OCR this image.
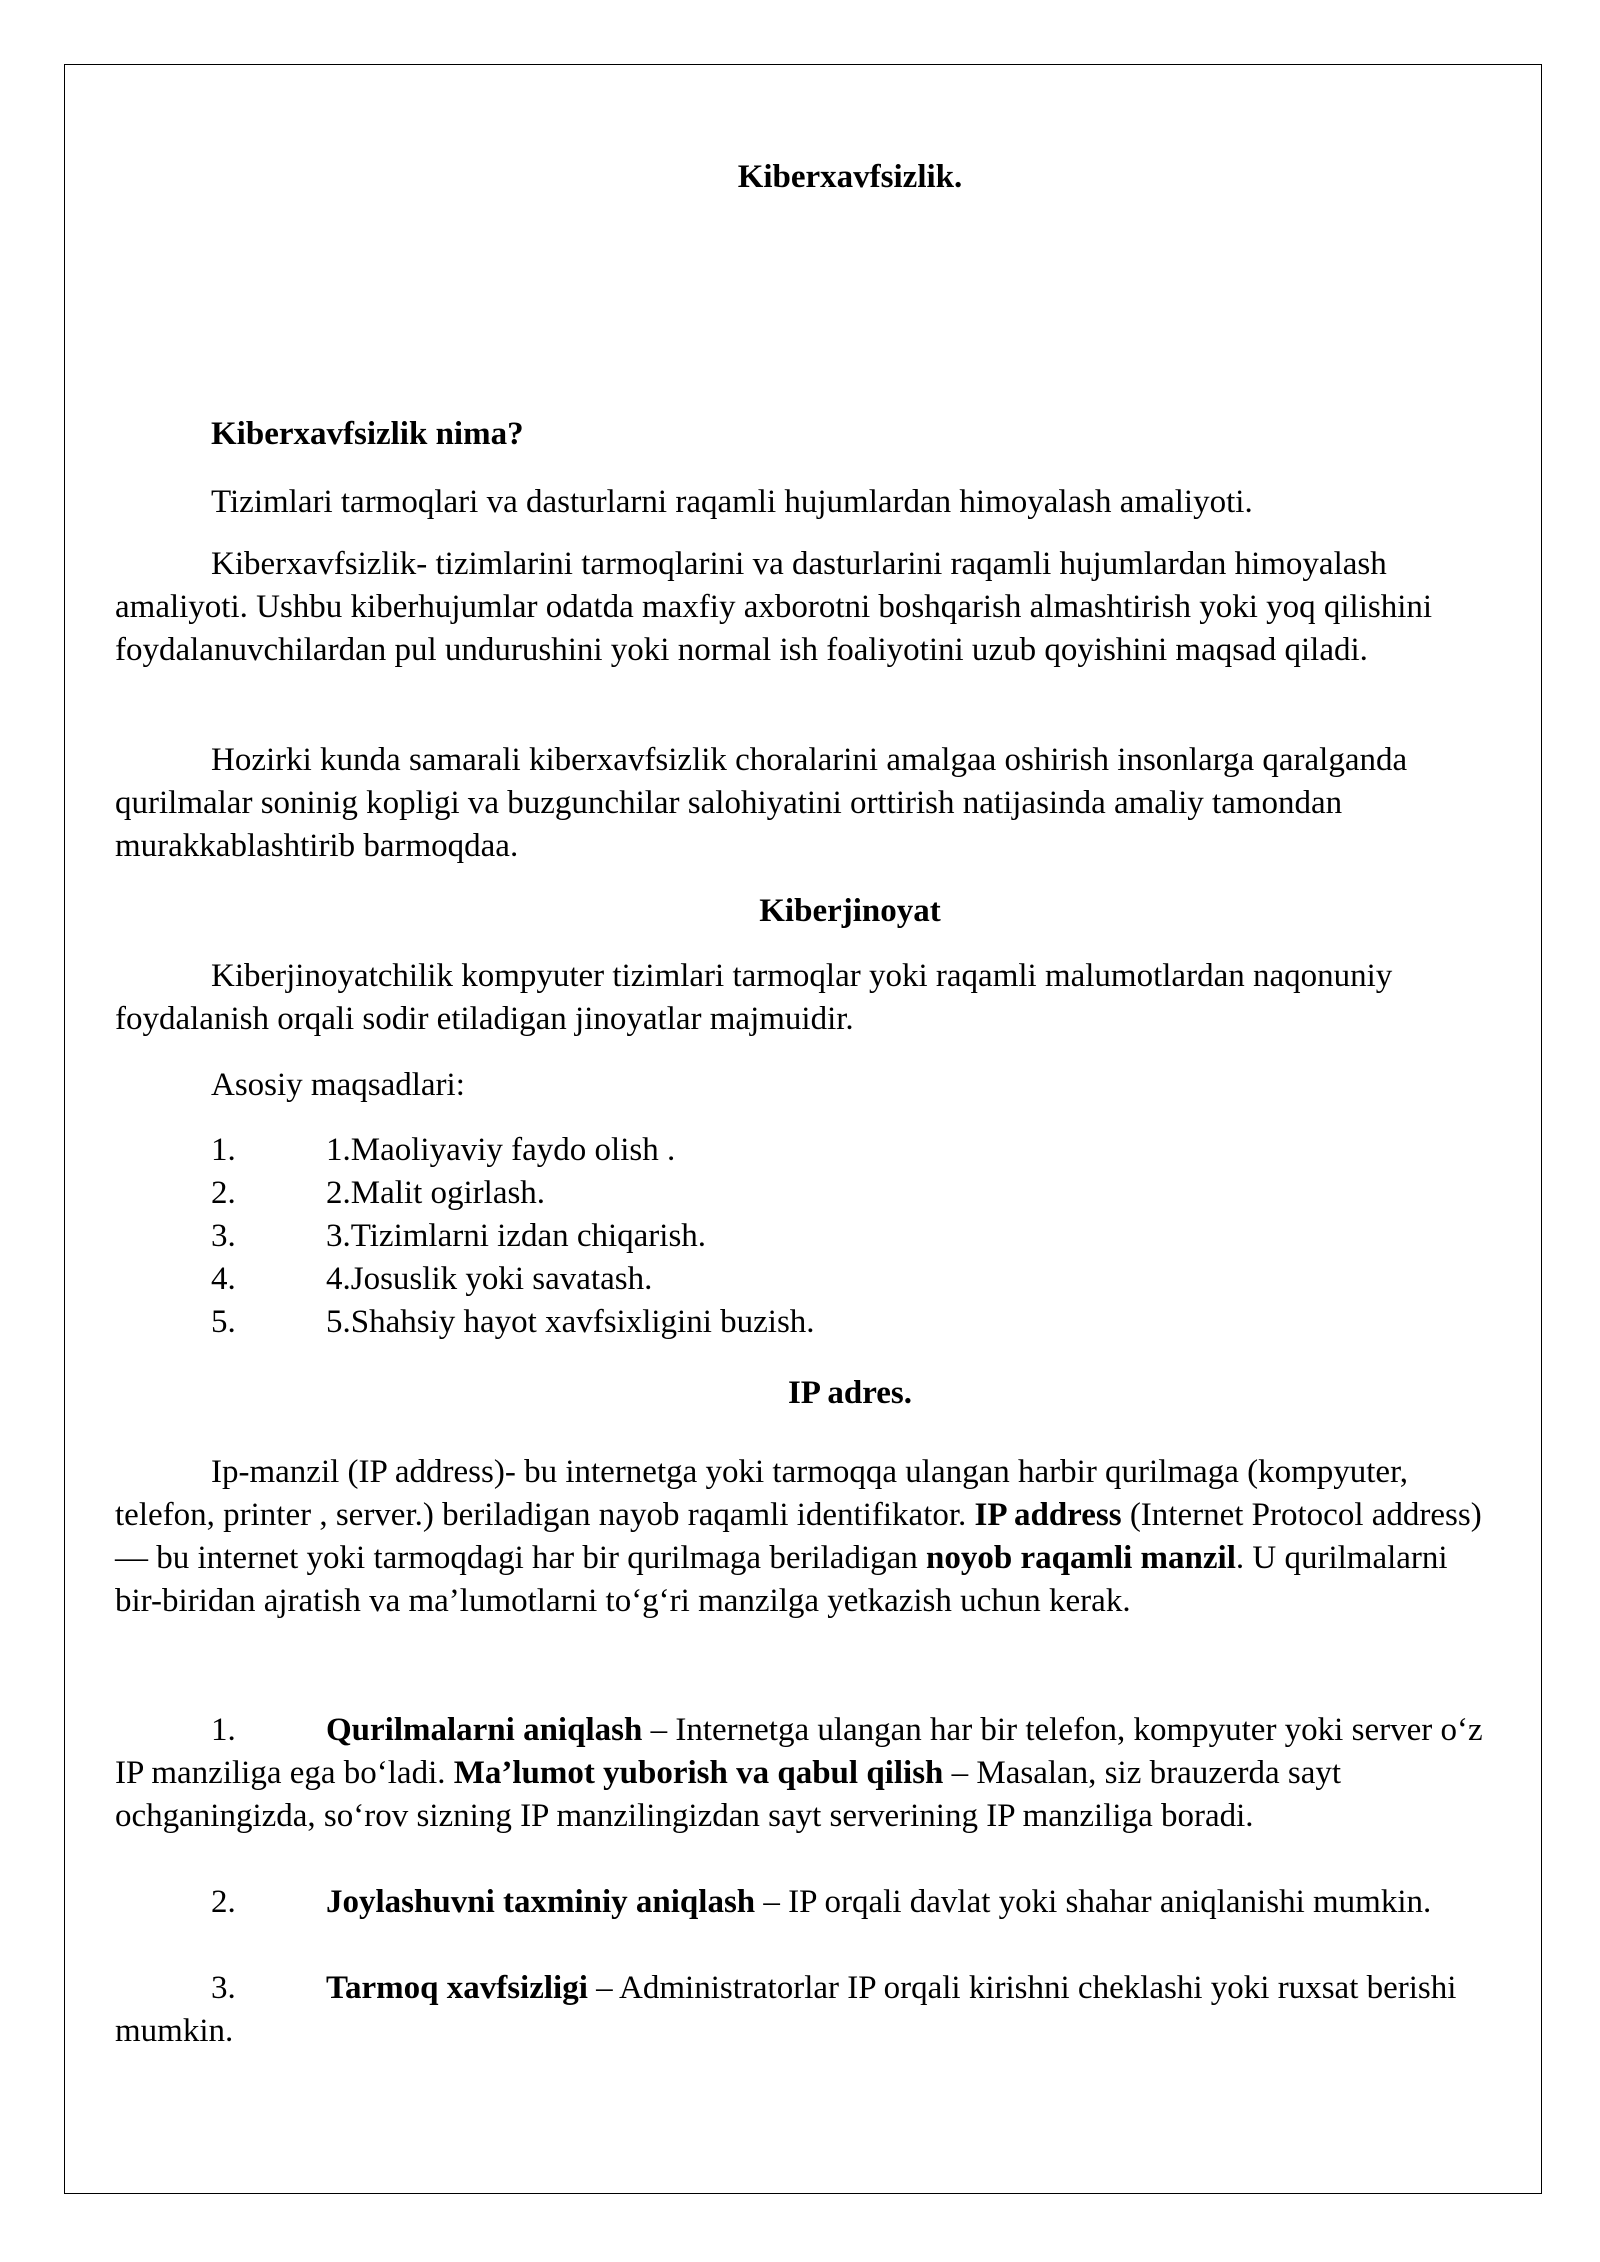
Kiberxavfsizlik.
Kiberxavfsizlik nima?

Tizimlari tarmoqlari va dasturlarni raqamli hujumlardan himoyalash amaliyoti.

Kiberxavfsizlik- tizimlarini tarmoqlarini va dasturlarini raqamli hujumlardan himoyalash amaliyoti. Ushbu kiberhujumlar odatda maxfiy axborotni boshqarish almashtirish yoki yoq qilishini foydalanuvchilardan pul undurushini yoki normal ish foaliyotini uzub qoyishini maqsad qiladi.

Hozirki kunda samarali kiberxavfsizlik choralarini amalgaa oshirish insonlarga qaralganda qurilmalar soninig kopligi va buzgunchilar salohiyatini orttirish natijasinda amaliy tamondan murakkablashtirib barmoqdaa.

Kiberjinoyat

Kiberjinoyatchilik kompyuter tizimlari tarmoqlar yoki raqamli malumotlardan naqonuniy foydalanish orqali sodir etiladigan jinoyatlar majmuidir.

Asosiy maqsadlari:

1.	1.Maoliyaviy faydo olish .
2.	2.Malit ogirlash.
3.	3.Tizimlarni izdan chiqarish.
4.	4.Josuslik yoki savatash.
5.	5.Shahsiy hayot xavfsixligini buzish.
IP adres.

Ip-manzil (IP address)- bu internetga yoki tarmoqqa ulangan harbir qurilmaga (kompyuter, telefon, printer , server.) beriladigan nayob raqamli identifikator. IP address (Internet Protocol address) — bu internet yoki tarmoqdagi har bir qurilmaga beriladigan noyob raqamli manzil. U qurilmalarni bir-biridan ajratish va ma’lumotlarni to‘g‘ri manzilga yetkazish uchun kerak.

1.	Qurilmalarni aniqlash – Internetga ulangan har bir telefon, kompyuter yoki server o‘z IP manziliga ega bo‘ladi. Ma’lumot yuborish va qabul qilish – Masalan, siz brauzerda sayt ochganingizda, so‘rov sizning IP manzilingizdan sayt serverining IP manziliga boradi.

2.	Joylashuvni taxminiy aniqlash – IP orqali davlat yoki shahar aniqlanishi mumkin.

3.	Tarmoq xavfsizligi – Administratorlar IP orqali kirishni cheklashi yoki ruxsat berishi mumkin.
